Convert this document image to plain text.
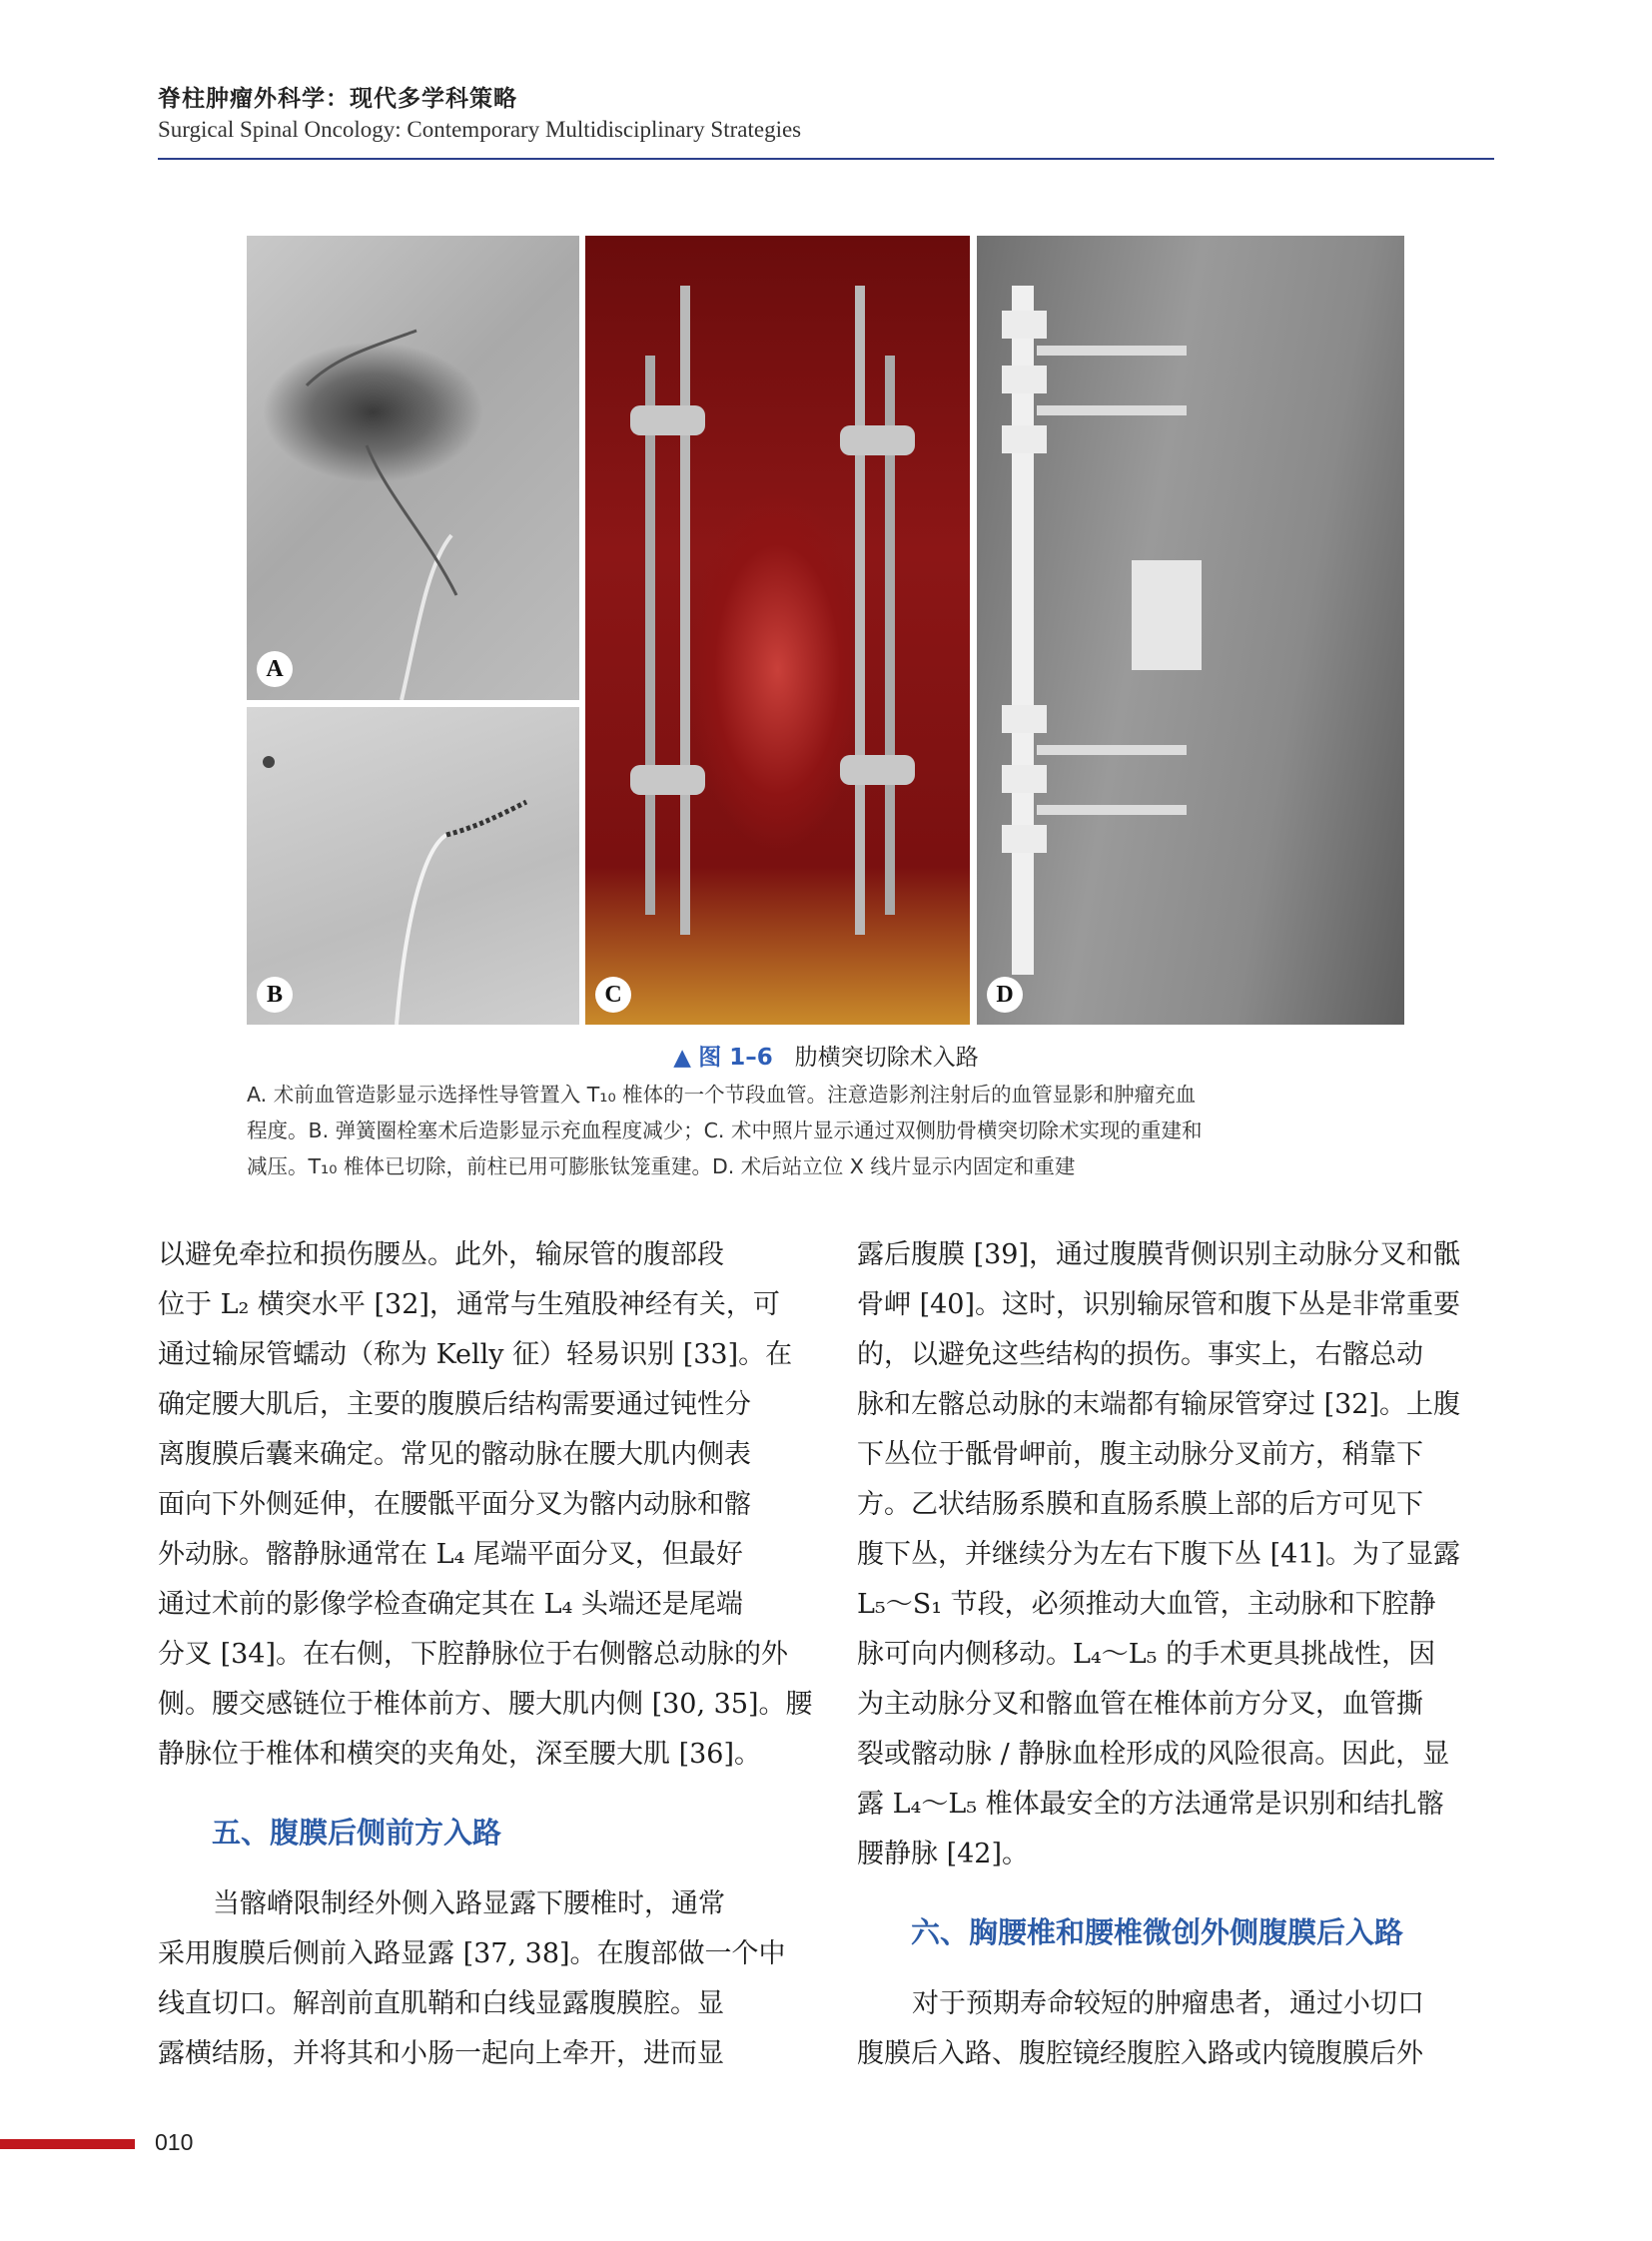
脊柱肿瘤外科学：现代多学科策略
Surgical Spinal Oncology: Contemporary Multidisciplinary Strategies
A
B	C	D
▲ 图 1–6 肋横突切除术入路
A. 术前血管造影显示选择性导管置入 T₁₀ 椎体的一个节段血管。注意造影剂注射后的血管显影和肿瘤充血
程度。B. 弹簧圈栓塞术后造影显示充血程度减少；C. 术中照片显示通过双侧肋骨横突切除术实现的重建和
减压。T₁₀ 椎体已切除，前柱已用可膨胀钛笼重建。D. 术后站立位 X 线片显示内固定和重建
以避免牵拉和损伤腰丛。此外，输尿管的腹部段
位于 L₂ 横突水平 [32]，通常与生殖股神经有关，可
通过输尿管蠕动（称为 Kelly 征）轻易识别 [33]。在
确定腰大肌后，主要的腹膜后结构需要通过钝性分
离腹膜后囊来确定。常见的髂动脉在腰大肌内侧表
面向下外侧延伸，在腰骶平面分叉为髂内动脉和髂
外动脉。髂静脉通常在 L₄ 尾端平面分叉，但最好
通过术前的影像学检查确定其在 L₄ 头端还是尾端
分叉 [34]。在右侧，下腔静脉位于右侧髂总动脉的外
侧。腰交感链位于椎体前方、腰大肌内侧 [30, 35]。腰
静脉位于椎体和横突的夹角处，深至腰大肌 [36]。
五、腹膜后侧前方入路
当髂嵴限制经外侧入路显露下腰椎时，通常
采用腹膜后侧前入路显露 [37, 38]。在腹部做一个中
线直切口。解剖前直肌鞘和白线显露腹膜腔。显
露横结肠，并将其和小肠一起向上牵开，进而显
露后腹膜 [39]，通过腹膜背侧识别主动脉分叉和骶
骨岬 [40]。这时，识别输尿管和腹下丛是非常重要
的，以避免这些结构的损伤。事实上，右髂总动
脉和左髂总动脉的末端都有输尿管穿过 [32]。上腹
下丛位于骶骨岬前，腹主动脉分叉前方，稍靠下
方。乙状结肠系膜和直肠系膜上部的后方可见下
腹下丛，并继续分为左右下腹下丛 [41]。为了显露
L₅～S₁ 节段，必须推动大血管，主动脉和下腔静
脉可向内侧移动。L₄～L₅ 的手术更具挑战性，因
为主动脉分叉和髂血管在椎体前方分叉，血管撕
裂或髂动脉 / 静脉血栓形成的风险很高。因此，显
露 L₄～L₅ 椎体最安全的方法通常是识别和结扎髂
腰静脉 [42]。
六、胸腰椎和腰椎微创外侧腹膜后入路
对于预期寿命较短的肿瘤患者，通过小切口
腹膜后入路、腹腔镜经腹腔入路或内镜腹膜后外
010
